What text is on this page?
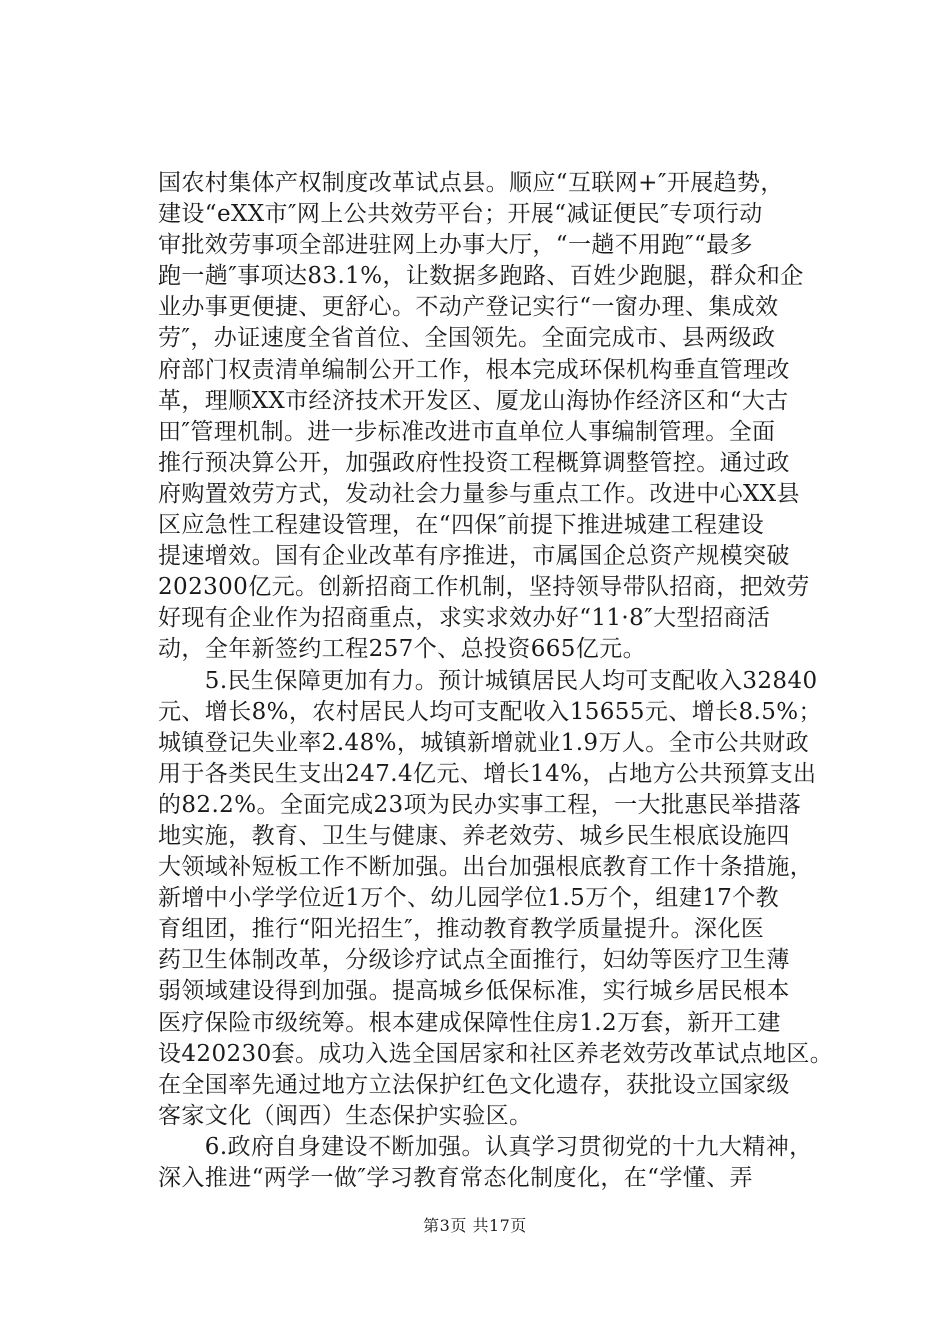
国农村集体产权制度改革试点县。顺应“互联网+″开展趋势，
建设“eXX市″网上公共效劳平台；开展“减证便民″专项行动
审批效劳事项全部进驻网上办事大厅，“一趟不用跑″“最多
跑一趟″事项达83.1%，让数据多跑路、百姓少跑腿，群众和企
业办事更便捷、更舒心。不动产登记实行“一窗办理、集成效
劳″，办证速度全省首位、全国领先。全面完成市、县两级政
府部门权责清单编制公开工作，根本完成环保机构垂直管理改
革，理顺XX市经济技术开发区、厦龙山海协作经济区和“大古
田″管理机制。进一步标准改进市直单位人事编制管理。全面
推行预决算公开，加强政府性投资工程概算调整管控。通过政
府购置效劳方式，发动社会力量参与重点工作。改进中心XX县
区应急性工程建设管理，在“四保″前提下推进城建工程建设
提速增效。国有企业改革有序推进，市属国企总资产规模突破
202300亿元。创新招商工作机制，坚持领导带队招商，把效劳
好现有企业作为招商重点，求实求效办好“11·8″大型招商活
动，全年新签约工程257个、总投资665亿元。
　　5.民生保障更加有力。预计城镇居民人均可支配收入32840
元、增长8%，农村居民人均可支配收入15655元、增长8.5%；
城镇登记失业率2.48%，城镇新增就业1.9万人。全市公共财政
用于各类民生支出247.4亿元、增长14%，占地方公共预算支出
的82.2%。全面完成23项为民办实事工程，一大批惠民举措落
地实施，教育、卫生与健康、养老效劳、城乡民生根底设施四
大领域补短板工作不断加强。出台加强根底教育工作十条措施，
新增中小学学位近1万个、幼儿园学位1.5万个，组建17个教
育组团，推行“阳光招生″，推动教育教学质量提升。深化医
药卫生体制改革，分级诊疗试点全面推行，妇幼等医疗卫生薄
弱领域建设得到加强。提高城乡低保标准，实行城乡居民根本
医疗保险市级统筹。根本建成保障性住房1.2万套，新开工建
设420230套。成功入选全国居家和社区养老效劳改革试点地区。
在全国率先通过地方立法保护红色文化遗存，获批设立国家级
客家文化（闽西）生态保护实验区。
　　6.政府自身建设不断加强。认真学习贯彻党的十九大精神，
深入推进“两学一做″学习教育常态化制度化，在“学懂、弄
第3页 共17页
